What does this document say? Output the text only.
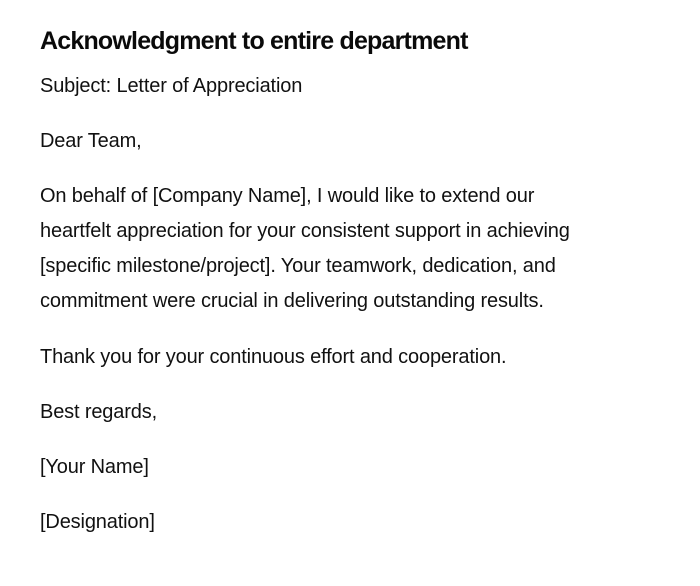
Acknowledgment to entire department

Subject: Letter of Appreciation

Dear Team,

On behalf of [Company Name], I would like to extend our
heartfelt appreciation for your consistent support in achieving
[specific milestone/project]. Your teamwork, dedication, and
commitment were crucial in delivering outstanding results.

Thank you for your continuous effort and cooperation.

Best regards,

[Your Name]

[Designation]
